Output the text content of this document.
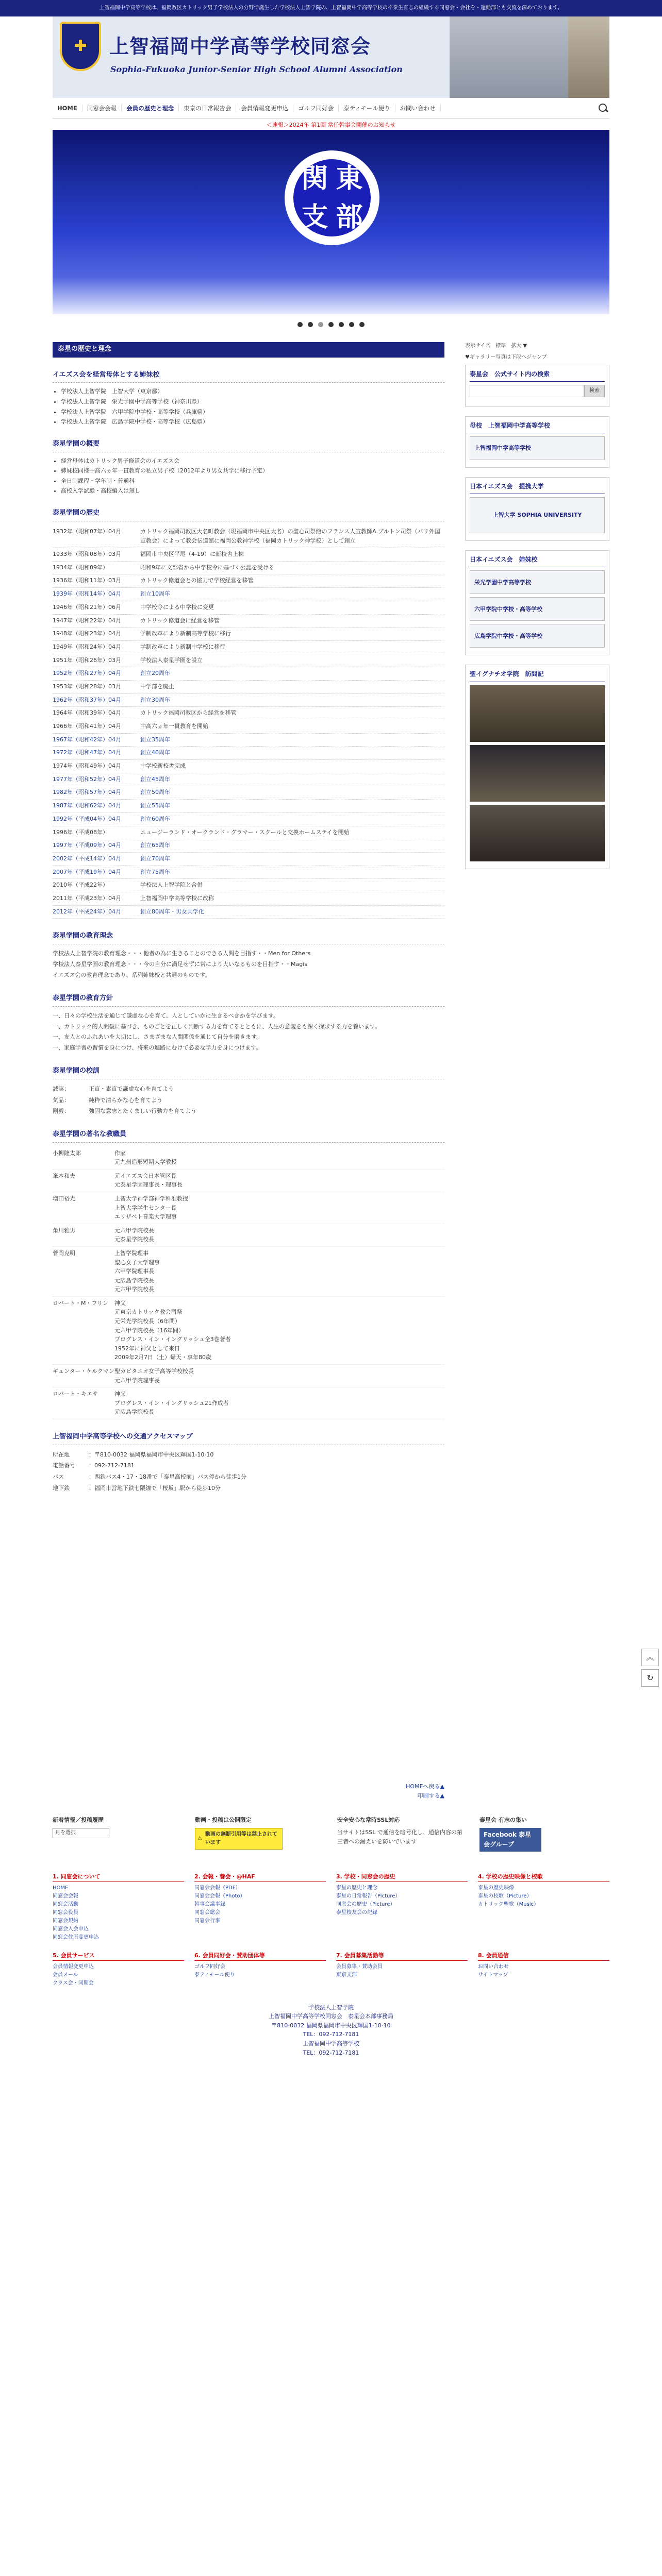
上智福岡中学高等学校は、福岡教区カトリック男子学校法人の分野で誕生した学校法人上智学院の、上智福岡中学高等学校の卒業生有志の組織する同窓会・会社を・運動部とも交流を深めております。
✚ 上智福岡中学高等学校同窓会
Sophia-Fukuoka Junior-Senior High School Alumni Association
HOME	同窓会会報	会員の歴史と理念	東京の日常報告会	会員情報変更申込	ゴルフ同好会	泰ティモール便り	お問い合わせ
＜速報＞2024年 第1回 常任幹事会開催のお知らせ
関 東
支 部
泰星の歴史と理念
イエズス会を経営母体とする姉妹校
• 学校法人上智学院　上智大学（東京都）
• 学校法人上智学院　栄光学園中学高等学校（神奈川県）
• 学校法人上智学院　六甲学院中学校・高等学校（兵庫県）
• 学校法人上智学院　広島学院中学校・高等学校（広島県）
泰星学園の概要
• 経営母体はカトリック男子修道会のイエズス会
• 姉妹校同様中高六ヵ年一貫教育の私立男子校（2012年より男女共学に移行予定）
• 全日制課程・学年制・普通科
• 高校入学試験・高校編入は無し
泰星学園の歴史
1932年（昭和07年）04月	カトリック福岡司教区大名町教会（現福岡市中央区大名）の聖心司祭館のフランス人宣教師A.ブルトン司祭（パリ外国宣教会）によって教会伝道館に福岡公教神学校（福岡カトリック神学校）として創立
1933年（昭和08年）03月	福岡市中央区平尾（4-19）に新校舎上棟
1934年（昭和09年）	昭和9年に文部省から中学校令に基づく公認を受ける
1936年（昭和11年）03月	カトリック修道会との協力で学校経営を移管
1939年（昭和14年）04月	創立10周年
1946年（昭和21年）06月	中学校令による中学校に変更
1947年（昭和22年）04月	カトリック修道会に経営を移管
1948年（昭和23年）04月	学制改革により新制高等学校に移行
1949年（昭和24年）04月	学制改革により新制中学校に移行
1951年（昭和26年）03月	学校法人泰星学園を設立
1952年（昭和27年）04月	創立20周年
1953年（昭和28年）03月	中学部を廃止
1962年（昭和37年）04月	創立30周年
1964年（昭和39年）04月	カトリック福岡司教区から経営を移管
1966年（昭和41年）04月	中高六ヵ年一貫教育を開始
1967年（昭和42年）04月	創立35周年
1972年（昭和47年）04月	創立40周年
1974年（昭和49年）04月	中学校新校舎完成
1977年（昭和52年）04月	創立45周年
1982年（昭和57年）04月	創立50周年
1987年（昭和62年）04月	創立55周年
1992年（平成04年）04月	創立60周年
1996年（平成08年）	ニュージーランド・オークランド・グラマー・スクールと交換ホームステイを開始
1997年（平成09年）04月	創立65周年
2002年（平成14年）04月	創立70周年
2007年（平成19年）04月	創立75周年
2010年（平成22年）	学校法人上智学院と合併
2011年（平成23年）04月	上智福岡中学高等学校に改称
2012年（平成24年）04月	創立80周年・男女共学化
泰星学園の教育理念
学校法人上智学院の教育理念・・・他者の為に生きることのできる人間を目指す・・Men for Others
学校法人泰星学園の教育理念・・・今の自分に満足せずに常により大いなるものを目指す・・Magis
イエズス会の教育理念であり、系列姉妹校と共通のものです。
泰星学園の教育方針
一、日々の学校生活を通じて謙虚な心を育て、人としていかに生きるべきかを学びます。
一、カトリック的人間観に基づき、ものごとを正しく判断する力を育てるとともに、人生の意義をも深く探求する力を養います。
一、友人とのふれあいを大切にし、さまざまな人間関係を通じて自分を磨きます。
一、家庭学習の習慣を身につけ、将来の進路にむけて必要な学力を身につけます。
泰星学園の校訓
誠実：	正直・素直で謙虚な心を育てよう
気品：	純粋で清らかな心を育てよう
剛毅：	強固な意志とたくましい行動力を育てよう
泰星学園の著名な教職員
小柳隆太郎	作家
元九州造形短期大学教授
峯本和夫	元イエズス会日本管区長
元泰星学園理事長・理事長
増田裕光	上智大学神学部神学科准教授
上智大学学生センター長
エリザベト音楽大学理事
角川雅男	元六甲学院校長
元泰星学院校長
菅岡克明	上智学院理事
聖心女子大学理事
六甲学院理事長
元広島学院校長
元六甲学院校長
ロバート・M・フリン	神父
元東京カトリック教会司祭
元栄光学院校長（6年間）
元六甲学院校長（16年間）
プログレス・イン・イングリッシュ全3巻著者
1952年に神父として来日
2009年2月7日（土）帰天・享年80歳
ギュンター・ケルクマン 聖カピタニオ女子高等学校校長
元六甲学院理事長
ロバート・キエサ	神父
プログレス・イン・イングリッシュ21作成者
元広島学院校長
上智福岡中学高等学校への交通アクセスマップ
所在地	：〒810-0032 福岡県福岡市中央区輝国1-10-10
電話番号	：092-712-7181
バス	：西鉄バス4・17・18番で「泰星高校前」バス停から徒歩1分
地下鉄	：福岡市営地下鉄七隈線で「桜坂」駅から徒歩10分
HOMEへ戻る▲
印刷する▲
表示サイズ　標準　拡大 ▼
♥ギャラリー写真は下段へジャンプ
泰星会　公式サイト内の検索
検索
母校　上智福岡中学高等学校
上智福岡中学高等学校
日本イエズス会　提携大学
上智大学 SOPHIA UNIVERSITY
日本イエズス会　姉妹校
栄光学園中学高等学校
六甲学院中学校・高等学校
広島学院中学校・高等学校
聖イグナチオ学院　訪問記
新着情報／投稿履歴
月を選択
動画・投稿は公開限定
⚠
動画の無断引用等は禁止されています
安全安心な常時SSL対応
当サイトはSSL で通信を暗号化し、通信内容の第三者への漏えいを防いでいます
泰星会 有志の集い
Facebook 泰星会グループ
1. 同窓会について
HOME
同窓会会報
同窓会活動
同窓会役員
同窓会規約
同窓会入会申込
同窓会住所変更申込
2. 会報・養会・@HAF
同窓会会報（PDF）
同窓会会報（Photo）
幹事会議事録
同窓会総会
同窓会行事
3. 学校・同窓会の歴史
泰星の歴史と理念
泰星の日常報告（Picture）
同窓会の歴史（Picture）
泰星校友会の記録
4. 学校の歴史映像と校歌
泰星の歴史映像
泰星の校歌（Picture）
カトリック聖歌（Music）
5. 会員サービス
会員情報変更申込
会員メール
クラス会・同期会
6. 会員同好会・賛助団体等
ゴルフ同好会
泰ティモール便り
7. 会員募集活動等
会員募集・賛助会員
東京支部
8. 会員通信
お問い合わせ
サイトマップ
学校法人上智学院
上智福岡中学高等学校同窓会　泰星会本部事務局
〒810-0032 福岡県福岡市中央区輝国1-10-10
TEL：092-712-7181
上智福岡中学高等学校
TEL：092-712-7181
︽
↻
